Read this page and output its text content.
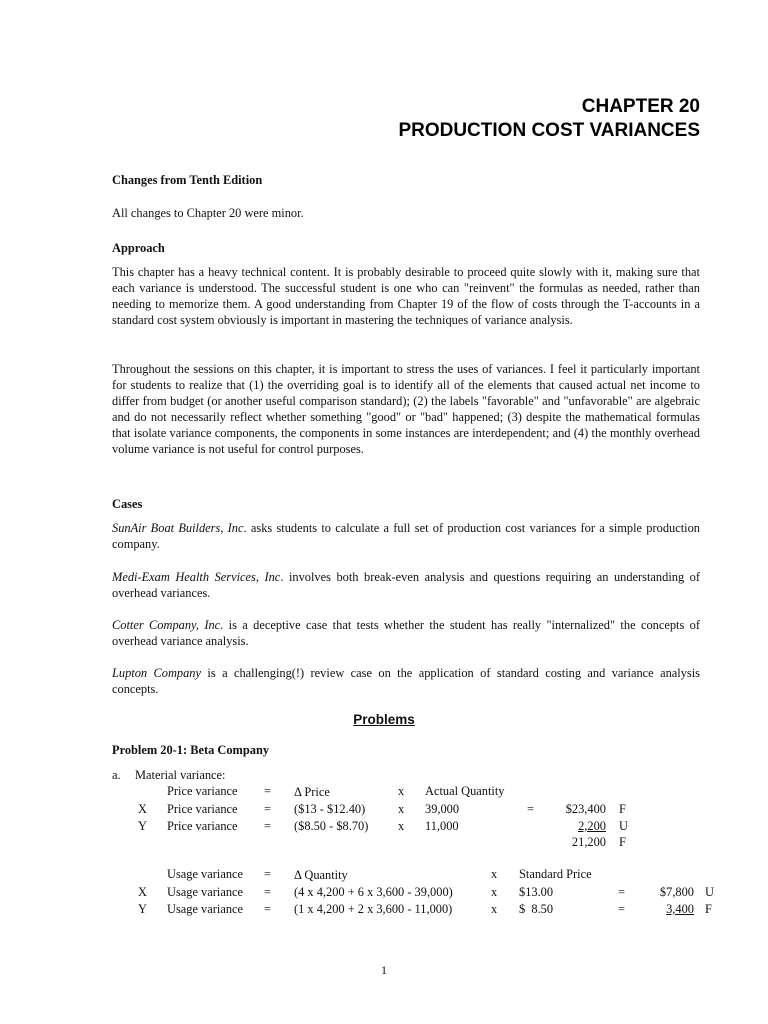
CHAPTER 20
PRODUCTION COST VARIANCES
Changes from Tenth Edition
All changes to Chapter 20 were minor.
Approach
This chapter has a heavy technical content. It is probably desirable to proceed quite slowly with it, making sure that each variance is understood. The successful student is one who can "reinvent" the formulas as needed, rather than needing to memorize them. A good understanding from Chapter 19 of the flow of costs through the T-accounts in a standard cost system obviously is important in mastering the techniques of variance analysis.
Throughout the sessions on this chapter, it is important to stress the uses of variances. I feel it particularly important for students to realize that (1) the overriding goal is to identify all of the elements that caused actual net income to differ from budget (or another useful comparison standard); (2) the labels "favorable" and "unfavorable" are algebraic and do not necessarily reflect whether something "good" or "bad" happened; (3) despite the mathematical formulas that isolate variance components, the components in some instances are interdependent; and (4) the monthly overhead volume variance is not useful for control purposes.
Cases
SunAir Boat Builders, Inc. asks students to calculate a full set of production cost variances for a simple production company.
Medi-Exam Health Services, Inc. involves both break-even analysis and questions requiring an understanding of overhead variances.
Cotter Company, Inc. is a deceptive case that tests whether the student has really "internalized" the concepts of overhead variance analysis.
Lupton Company is a challenging(!) review case on the application of standard costing and variance analysis concepts.
Problems
Problem 20-1: Beta Company
a. Material variance:
Price variance = Δ Price	x Actual Quantity
X Price variance = ($13 - $12.40)	x 39,000	=	$23,400 F
Y Price variance = ($8.50 - $8.70) x 11,000	2,200 U
21,200 F
Usage variance = Δ Quantity	x Standard Price
X Usage variance = (4 x 4,200 + 6 x 3,600 - 39,000)	x $13.00	=	$7,800 U
Y Usage variance = (1 x 4,200 + 2 x 3,600 - 11,000)	x $  8.50	=	3,400 F
1
